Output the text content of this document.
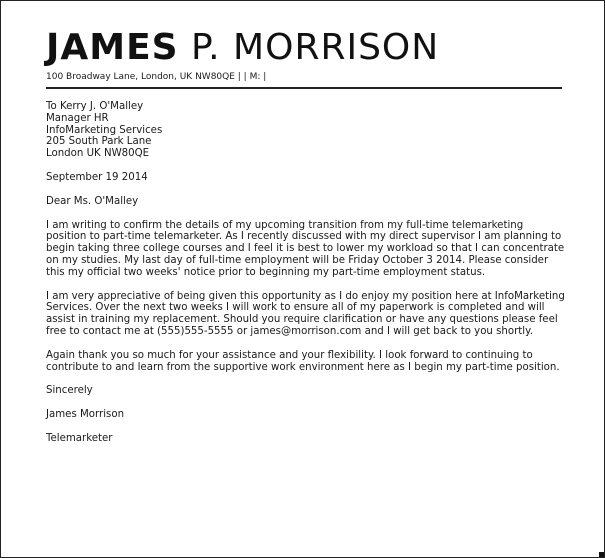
JAMES P. MORRISON
100 Broadway Lane, London, UK NW80QE | | M: |
To Kerry J. O'Malley
Manager HR
InfoMarketing Services
205 South Park Lane
London UK NW80QE
September 19 2014
Dear Ms. O'Malley

I am writing to confirm the details of my upcoming transition from my full-time telemarketing position to part-time telemarketer. As I recently discussed with my direct supervisor I am planning to begin taking three college courses and I feel it is best to lower my workload so that I can concentrate on my studies. My last day of full-time employment will be Friday October 3 2014. Please consider this my official two weeks' notice prior to beginning my part-time employment status.

I am very appreciative of being given this opportunity as I do enjoy my position here at InfoMarketing Services. Over the next two weeks I will work to ensure all of my paperwork is completed and will assist in training my replacement. Should you require clarification or have any questions please feel free to contact me at (555)555-5555 or james@morrison.com and I will get back to you shortly.

Again thank you so much for your assistance and your flexibility. I look forward to continuing to contribute to and learn from the supportive work environment here as I begin my part-time position.

Sincerely
James Morrison
Telemarketer
